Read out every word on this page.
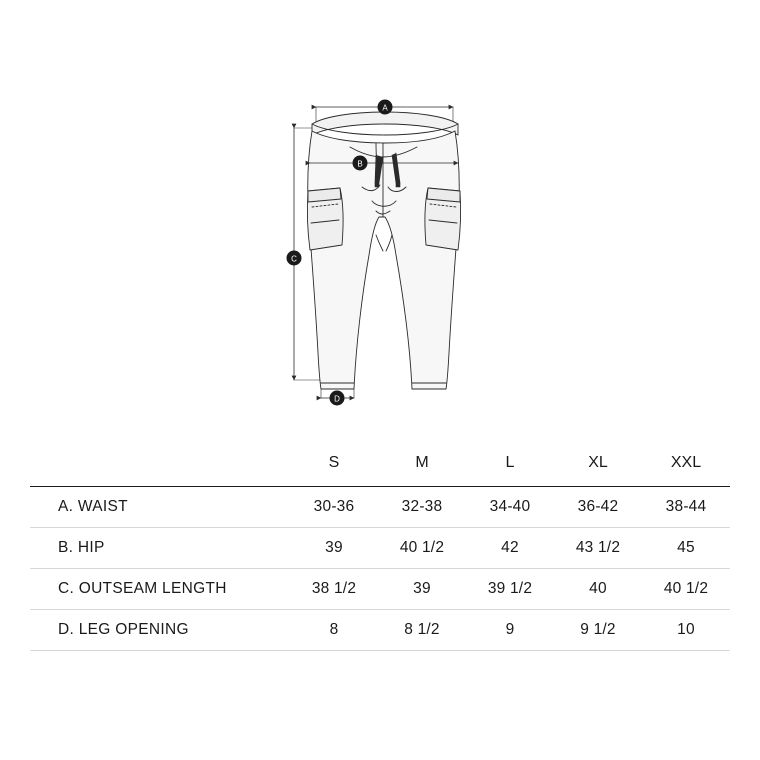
A
B
C
D
	S	M	L	XL	XXL
A. WAIST	30-36	32-38	34-40	36-42	38-44
B. HIP	39	40 1/2	42	43 1/2	45
C. OUTSEAM LENGTH	38 1/2	39	39 1/2	40	40 1/2
D. LEG OPENING	8	8 1/2	9	9 1/2	10
